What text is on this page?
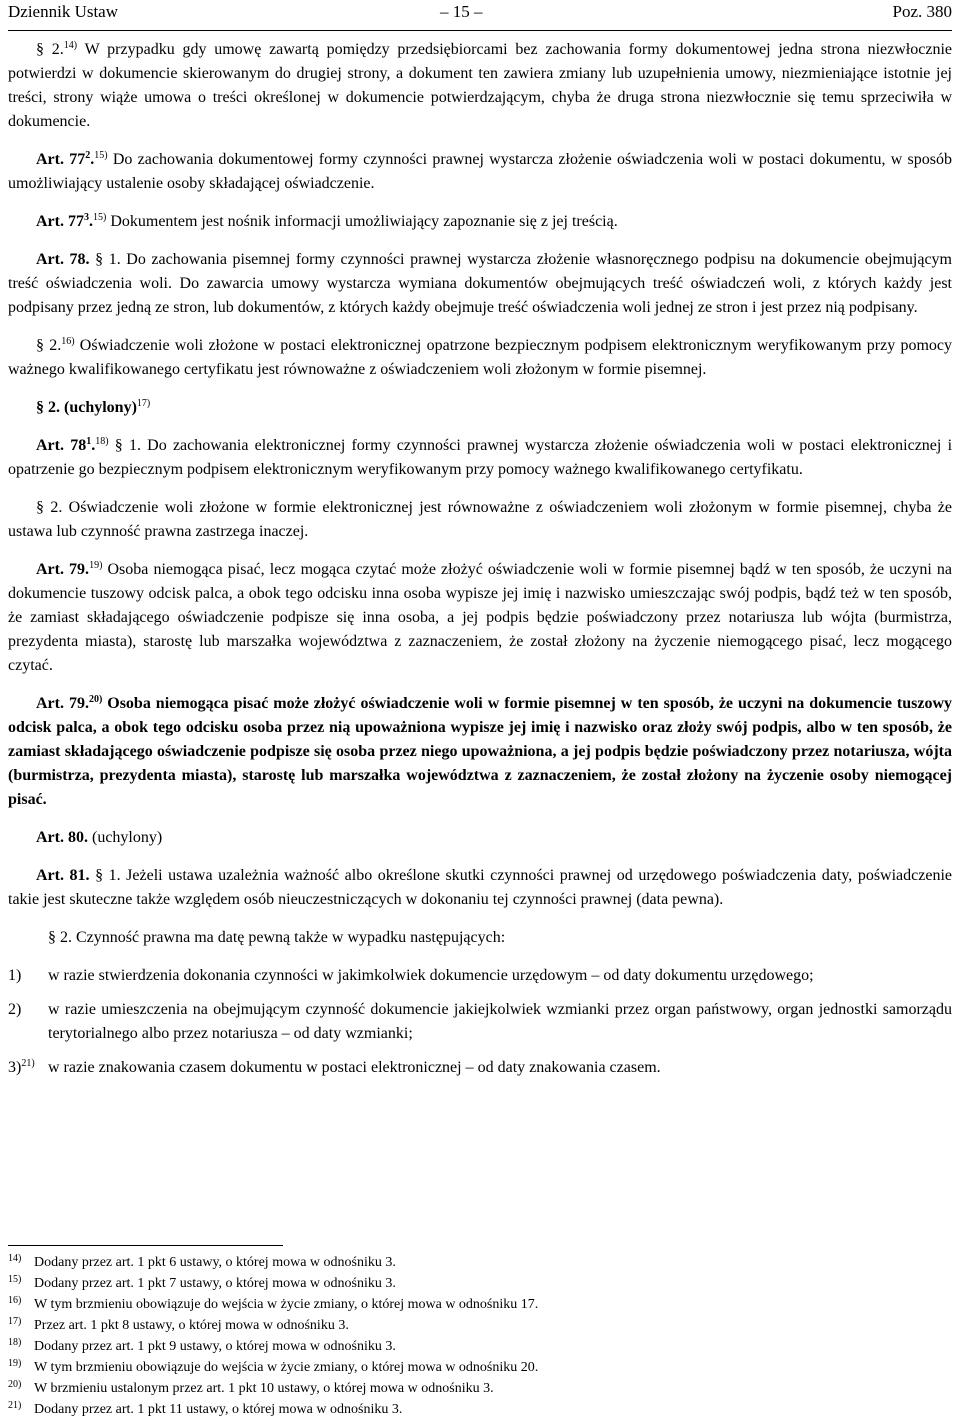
Dziennik Ustaw	– 15 –	Poz. 380

§ 2.$^{14)}$ W przypadku gdy umowę zawartą pomiędzy przedsiębiorcami bez zachowania formy dokumentowej jedna strona niezwłocznie potwierdzi w dokumencie skierowanym do drugiej strony, a dokument ten zawiera zmiany lub uzupełnienia umowy, niezmieniające istotnie jej treści, strony wiąże umowa o treści określonej w dokumencie potwierdzającym, chyba że druga strona niezwłocznie się temu sprzeciwiła w dokumencie.

Art. $77^2.^{15)}$ Do zachowania dokumentowej formy czynności prawnej wystarcza złożenie oświadczenia woli w postaci dokumentu, w sposób umożliwiający ustalenie osoby składającej oświadczenie.

Art. $77^3.^{15)}$ Dokumentem jest nośnik informacji umożliwiający zapoznanie się z jej treścią.

Art. 78. § 1. Do zachowania pisemnej formy czynności prawnej wystarcza złożenie własnoręcznego podpisu na dokumencie obejmującym treść oświadczenia woli. Do zawarcia umowy wystarcza wymiana dokumentów obejmujących treść oświadczeń woli, z których każdy jest podpisany przez jedną ze stron, lub dokumentów, z których każdy obejmuje treść oświadczenia woli jednej ze stron i jest przez nią podpisany.

§ 2.$^{16)}$ Oświadczenie woli złożone w postaci elektronicznej opatrzone bezpiecznym podpisem elektronicznym weryfikowanym przy pomocy ważnego kwalifikowanego certyfikatu jest równoważne z oświadczeniem woli złożonym w formie pisemnej.

§ 2. (uchylony)$^{17)}$

Art. $78^1.^{18)}$ § 1. Do zachowania elektronicznej formy czynności prawnej wystarcza złożenie oświadczenia woli w postaci elektronicznej i opatrzenie go bezpiecznym podpisem elektronicznym weryfikowanym przy pomocy ważnego kwalifikowanego certyfikatu.

§ 2. Oświadczenie woli złożone w formie elektronicznej jest równoważne z oświadczeniem woli złożonym w formie pisemnej, chyba że ustawa lub czynność prawna zastrzega inaczej.

Art. 79.$^{19)}$ Osoba niemogąca pisać, lecz mogąca czytać może złożyć oświadczenie woli w formie pisemnej bądź w ten sposób, że uczyni na dokumencie tuszowy odcisk palca, a obok tego odcisku inna osoba wypisze jej imię i nazwisko umieszczając swój podpis, bądź też w ten sposób, że zamiast składającego oświadczenie podpisze się inna osoba, a jej podpis będzie poświadczony przez notariusza lub wójta (burmistrza, prezydenta miasta), starostę lub marszałka województwa z zaznaczeniem, że został złożony na życzenie niemogącego pisać, lecz mogącego czytać.

Art. 79.$^{20)}$ Osoba niemogąca pisać może złożyć oświadczenie woli w formie pisemnej w ten sposób, że uczyni na dokumencie tuszowy odcisk palca, a obok tego odcisku osoba przez nią upoważniona wypisze jej imię i nazwisko oraz złoży swój podpis, albo w ten sposób, że zamiast składającego oświadczenie podpisze się osoba przez niego upoważniona, a jej podpis będzie poświadczony przez notariusza, wójta (burmistrza, prezydenta miasta), starostę lub marszałka województwa z zaznaczeniem, że został złożony na życzenie osoby niemogącej pisać.

Art. 80. (uchylony)

Art. 81. § 1. Jeżeli ustawa uzależnia ważność albo określone skutki czynności prawnej od urzędowego poświadczenia daty, poświadczenie takie jest skuteczne także względem osób nieuczestniczących w dokonaniu tej czynności prawnej (data pewna).

§ 2. Czynność prawna ma datę pewną także w wypadku następujących:

1) w razie stwierdzenia dokonania czynności w jakimkolwiek dokumencie urzędowym – od daty dokumentu urzędowego;
2) w razie umieszczenia na obejmującym czynność dokumencie jakiejkolwiek wzmianki przez organ państwowy, organ jednostki samorządu terytorialnego albo przez notariusza – od daty wzmianki;
3)$^{21)}$ w razie znakowania czasem dokumentu w postaci elektronicznej – od daty znakowania czasem.
14) Dodany przez art. 1 pkt 6 ustawy, o której mowa w odnośniku 3.
15) Dodany przez art. 1 pkt 7 ustawy, o której mowa w odnośniku 3.
16) W tym brzmieniu obowiązuje do wejścia w życie zmiany, o której mowa w odnośniku 17.
17) Przez art. 1 pkt 8 ustawy, o której mowa w odnośniku 3.
18) Dodany przez art. 1 pkt 9 ustawy, o której mowa w odnośniku 3.
19) W tym brzmieniu obowiązuje do wejścia w życie zmiany, o której mowa w odnośniku 20.
20) W brzmieniu ustalonym przez art. 1 pkt 10 ustawy, o której mowa w odnośniku 3.
21) Dodany przez art. 1 pkt 11 ustawy, o której mowa w odnośniku 3.
